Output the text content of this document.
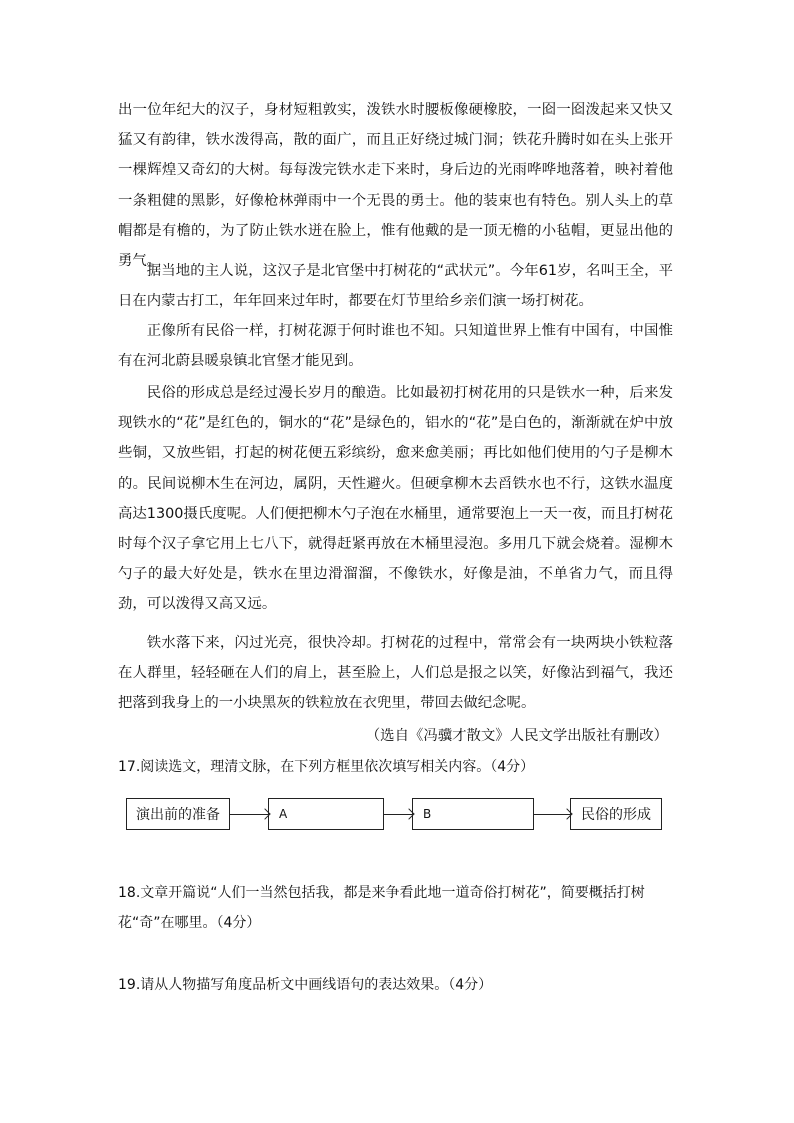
出一位年纪大的汉子，身材短粗敦实，泼铁水时腰板像硬橡胶，一囵一囵泼起来又快又猛又有韵律，铁水泼得高，散的面广，而且正好绕过城门洞；铁花升腾时如在头上张开一棵辉煌又奇幻的大树。每每泼完铁水走下来时，身后边的光雨哗哗地落着，映衬着他一条粗健的黑影，好像枪林弹雨中一个无畏的勇士。他的装束也有特色。别人头上的草帽都是有檐的，为了防止铁水迸在脸上，惟有他戴的是一顶无檐的小毡帽，更显出他的勇气。

据当地的主人说，这汉子是北官堡中打树花的“武状元”。今年61岁，名叫王全，平日在内蒙古打工，年年回来过年时，都要在灯节里给乡亲们演一场打树花。

正像所有民俗一样，打树花源于何时谁也不知。只知道世界上惟有中国有，中国惟有在河北蔚县暖泉镇北官堡才能见到。

民俗的形成总是经过漫长岁月的酿造。比如最初打树花用的只是铁水一种，后来发现铁水的“花”是红色的，铜水的“花”是绿色的，铝水的“花”是白色的，渐渐就在炉中放些铜，又放些铝，打起的树花便五彩缤纷，愈来愈美丽；再比如他们使用的勺子是柳木的。民间说柳木生在河边，属阴，天性避火。但硬拿柳木去舀铁水也不行，这铁水温度高达1300摄氏度呢。人们便把柳木勺子泡在水桶里，通常要泡上一天一夜，而且打树花时每个汉子拿它用上七八下，就得赶紧再放在木桶里浸泡。多用几下就会烧着。湿柳木勺子的最大好处是，铁水在里边滑溜溜，不像铁水，好像是油，不单省力气，而且得劲，可以泼得又高又远。

铁水落下来，闪过光亮，很快冷却。打树花的过程中，常常会有一块两块小铁粒落在人群里，轻轻砸在人们的肩上，甚至脸上，人们总是报之以笑，好像沾到福气，我还把落到我身上的一小块黑灰的铁粒放在衣兜里，带回去做纪念呢。

（选自《冯骥才散文》人民文学出版社有删改）

17.阅读选文，理清文脉，在下列方框里依次填写相关内容。（4分）

演出前的准备	A	B	民俗的形成

18.文章开篇说“人们一当然包括我，都是来争看此地一道奇俗打树花”，简要概括打树花“奇”在哪里。（4分）

19.请从人物描写角度品析文中画线语句的表达效果。（4分）
